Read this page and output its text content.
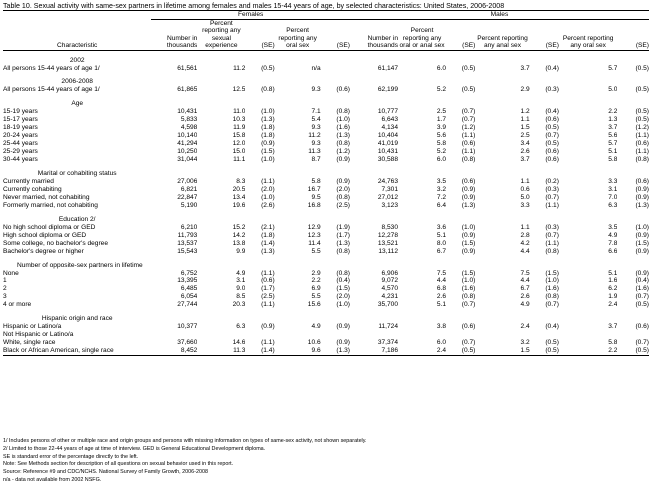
Table 10. Sexual activity with same-sex partners in lifetime among females and males 15-44 years of age, by selected characteristics: United States, 2006-2008
	Females					Males						
Characteristic	Number in thousands	Percent reporting any sexual experience	(SE)	Percent reporting any oral sex	(SE)	Number in thousands	Percent reporting any oral or anal sex	(SE)	Percent reporting any anal sex	(SE)	Percent reporting any oral sex	(SE)

2002												
All persons 15-44 years of age 1/	61,561	11.2	(0.5)	n/a		61,147	6.0	(0.5)	3.7	(0.4)	5.7	(0.5)

2006-2008												
All persons 15-44 years of age 1/	61,865	12.5	(0.8)	9.3	(0.6)	62,199	5.2	(0.5)	2.9	(0.3)	5.0	(0.5)

Age												
15-19 years	10,431	11.0	(1.0)	7.1	(0.8)	10,777	2.5	(0.7)	1.2	(0.4)	2.2	(0.5)
15-17 years	5,833	10.3	(1.3)	5.4	(1.0)	6,643	1.7	(0.7)	1.1	(0.6)	1.3	(0.5)
18-19 years	4,598	11.9	(1.8)	9.3	(1.6)	4,134	3.9	(1.2)	1.5	(0.5)	3.7	(1.2)
20-24 years	10,140	15.8	(1.8)	11.2	(1.3)	10,404	5.6	(1.1)	2.5	(0.7)	5.6	(1.1)
25-44 years	41,294	12.0	(0.9)	9.3	(0.8)	41,019	5.8	(0.6)	3.4	(0.5)	5.7	(0.6)
25-29 years	10,250	15.0	(1.5)	11.3	(1.2)	10,431	5.2	(1.1)	2.6	(0.6)	5.1	(1.1)
30-44 years	31,044	11.1	(1.0)	8.7	(0.9)	30,588	6.0	(0.8)	3.7	(0.6)	5.8	(0.8)

Marital or cohabiting status												
Currently married	27,006	8.3	(1.1)	5.8	(0.9)	24,763	3.5	(0.6)	1.1	(0.2)	3.3	(0.6)
Currently cohabiting	6,821	20.5	(2.0)	16.7	(2.0)	7,301	3.2	(0.9)	0.6	(0.3)	3.1	(0.9)
Never married, not cohabiting	22,847	13.4	(1.0)	9.5	(0.8)	27,012	7.2	(0.9)	5.0	(0.7)	7.0	(0.9)
Formerly married, not cohabiting	5,190	19.6	(2.6)	16.8	(2.5)	3,123	6.4	(1.3)	3.3	(1.1)	6.3	(1.3)

Education 2/												
No high school diploma or GED	6,210	15.2	(2.1)	12.9	(1.9)	8,530	3.6	(1.0)	1.1	(0.3)	3.5	(1.0)
High school diploma or GED	11,793	14.2	(1.8)	12.3	(1.7)	12,278	5.1	(0.9)	2.8	(0.7)	4.9	(0.9)
Some college, no bachelor's degree	13,537	13.8	(1.4)	11.4	(1.3)	13,521	8.0	(1.5)	4.2	(1.1)	7.8	(1.5)
Bachelor's degree or higher	15,543	9.9	(1.3)	5.5	(0.8)	13,112	6.7	(0.9)	4.4	(0.8)	6.6	(0.9)

Number of opposite-sex partners in lifetime												
None	6,752	4.9	(1.1)	2.9	(0.8)	6,906	7.5	(1.5)	7.5	(1.5)	5.1	(0.9)
1	13,395	3.1	(0.6)	2.2	(0.4)	9,072	4.4	(1.0)	4.4	(1.0)	1.6	(0.4)
2	6,485	9.0	(1.7)	6.9	(1.5)	4,570	6.8	(1.6)	6.7	(1.6)	6.2	(1.6)
3	6,054	8.5	(2.5)	5.5	(2.0)	4,231	2.6	(0.8)	2.6	(0.8)	1.9	(0.7)
4 or more	27,744	20.3	(1.1)	15.6	(1.0)	35,700	5.1	(0.7)	4.9	(0.7)	2.4	(0.5)

Hispanic origin and race												
Hispanic or Latino/a	10,377	6.3	(0.9)	4.9	(0.9)	11,724	3.8	(0.6)	2.4	(0.4)	3.7	(0.6)
Not Hispanic or Latino/a												
White, single race	37,660	14.6	(1.1)	10.6	(0.9)	37,374	6.0	(0.7)	3.2	(0.5)	5.8	(0.7)
Black or African American, single race	8,452	11.3	(1.4)	9.6	(1.3)	7,186	2.4	(0.5)	1.5	(0.5)	2.2	(0.5)
1/ Includes persons of other or multiple race and origin groups and persons with missing information on types of same-sex activity, not shown separately.
2/ Limited to those 22-44 years of age at time of interview. GED is General Educational Development diploma.
SE is standard error of the percentage directly to the left.
Note: See Methods section for description of all questions on sexual behavior used in this report.
Source: Reference #9 and CDC/NCHS. National Survey of Family Growth, 2006-2008
n/a - data not available from 2002 NSFG.
